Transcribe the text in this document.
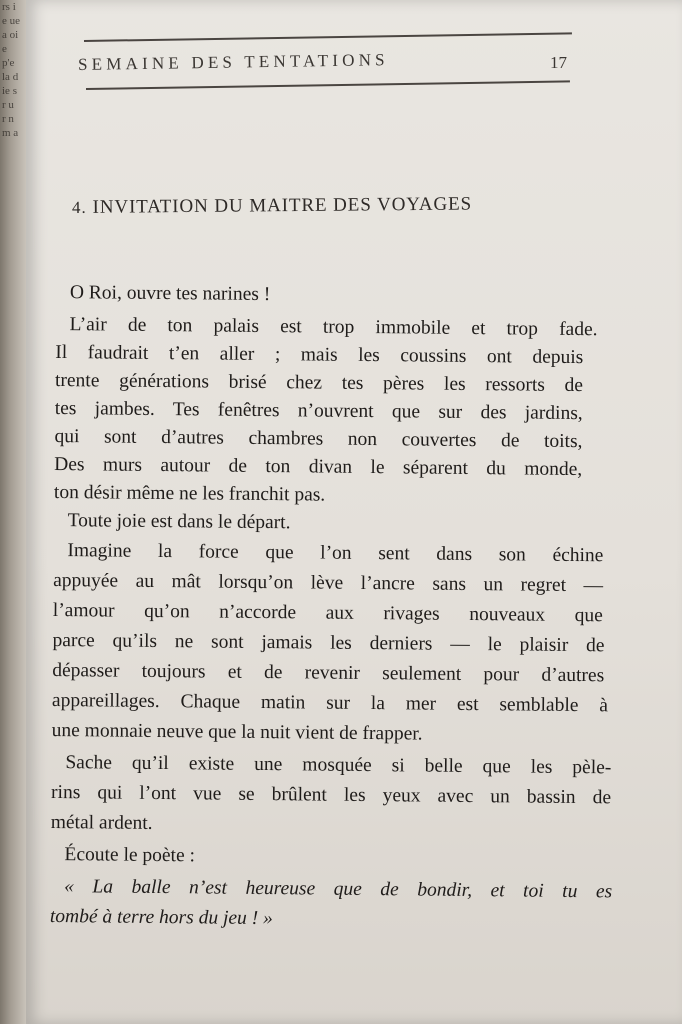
rs ie ue a oie p'e la d ie s r u r n m a
SEMAINE DES TENTATIONS	17
4. INVITATION DU MAITRE DES VOYAGES
O Roi, ouvre tes narines !
L’air de ton palais est trop immobile et trop fade.
Il faudrait t’en aller ; mais les coussins ont depuis
trente générations brisé chez tes pères les ressorts de
tes jambes. Tes fenêtres n’ouvrent que sur des jardins,
qui sont d’autres chambres non couvertes de toits,
Des murs autour de ton divan le séparent du monde,
ton désir même ne les franchit pas.
Toute joie est dans le départ.
Imagine la force que l’on sent dans son échine
appuyée au mât lorsqu’on lève l’ancre sans un regret —
l’amour qu’on n’accorde aux rivages nouveaux que
parce qu’ils ne sont jamais les derniers — le plaisir de
dépasser toujours et de revenir seulement pour d’autres
appareillages. Chaque matin sur la mer est semblable à
une monnaie neuve que la nuit vient de frapper.
Sache qu’il existe une mosquée si belle que les pèle-
rins qui l’ont vue se brûlent les yeux avec un bassin de
métal ardent.
Écoute le poète :
« La balle n’est heureuse que de bondir, et toi tu es
tombé à terre hors du jeu ! »
